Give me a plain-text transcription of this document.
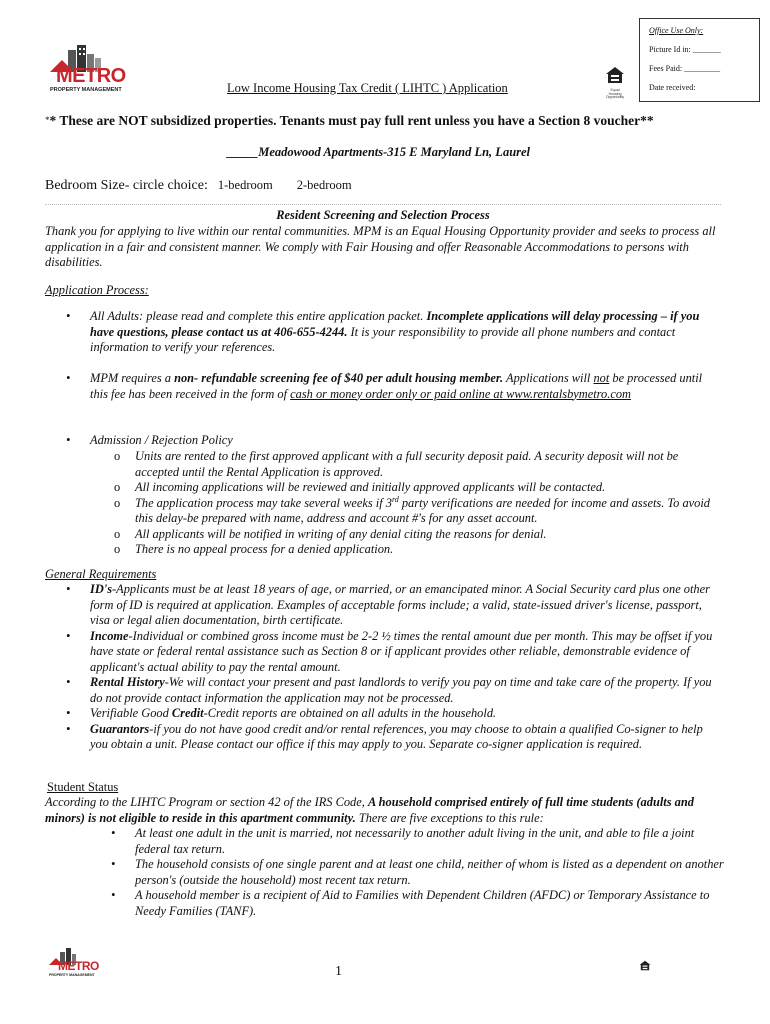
Office Use Only:
Picture Id in: _______
Fees Paid: _________
Date received:
METRO
PROPERTY MANAGEMENT	Low Income Housing Tax Credit ( LIHTC ) Application	Equal Housing Opportunity
** These are NOT subsidized properties. Tenants must pay full rent unless you have a Section 8 voucher**
_____Meadowood Apartments-315 E Maryland Ln, Laurel
Bedroom Size- circle choice: 1-bedroom 2-bedroom
Resident Screening and Selection Process
Thank you for applying to live within our rental communities. MPM is an Equal Housing Opportunity provider and seeks to process all application in a fair and consistent manner. We comply with Fair Housing and offer Reasonable Accommodations to persons with disabilities.
Application Process:
• All Adults: please read and complete this entire application packet. Incomplete applications will delay processing – if you have questions, please contact us at 406-655-4244. It is your responsibility to provide all phone numbers and contact information to verify your references.
• MPM requires a non- refundable screening fee of $40 per adult housing member. Applications will not be processed until this fee has been received in the form of cash or money order only or paid online at www.rentalsbymetro.com
• Admission / Rejection Policy
o Units are rented to the first approved applicant with a full security deposit paid. A security deposit will not be accepted until the Rental Application is approved.
o All incoming applications will be reviewed and initially approved applicants will be contacted.
o The application process may take several weeks if 3rd party verifications are needed for income and assets. To avoid this delay-be prepared with name, address and account #'s for any asset account.
o All applicants will be notified in writing of any denial citing the reasons for denial.
o There is no appeal process for a denied application.
General Requirements
• ID's-Applicants must be at least 18 years of age, or married, or an emancipated minor. A Social Security card plus one other form of ID is required at application. Examples of acceptable forms include; a valid, state-issued driver's license, passport, visa or legal alien documentation, birth certificate.
• Income-Individual or combined gross income must be 2-2 ½ times the rental amount due per month. This may be offset if you have state or federal rental assistance such as Section 8 or if applicant provides other reliable, demonstrable evidence of applicant's actual ability to pay the rental amount.
• Rental History-We will contact your present and past landlords to verify you pay on time and take care of the property. If you do not provide contact information the application may not be processed.
• Verifiable Good Credit-Credit reports are obtained on all adults in the household.
• Guarantors-if you do not have good credit and/or rental references, you may choose to obtain a qualified Co-signer to help you obtain a unit. Please contact our office if this may apply to you. Separate co-signer application is required.
Student Status
According to the LIHTC Program or section 42 of the IRS Code, A household comprised entirely of full time students (adults and minors) is not eligible to reside in this apartment community. There are five exceptions to this rule:
• At least one adult in the unit is married, not necessarily to another adult living in the unit, and able to file a joint federal tax return.
• The household consists of one single parent and at least one child, neither of whom is listed as a dependent on another person's (outside the household) most recent tax return.
• A household member is a recipient of Aid to Families with Dependent Children (AFDC) or Temporary Assistance to Needy Families (TANF).
METRO
PROPERTY MANAGEMENT	1
